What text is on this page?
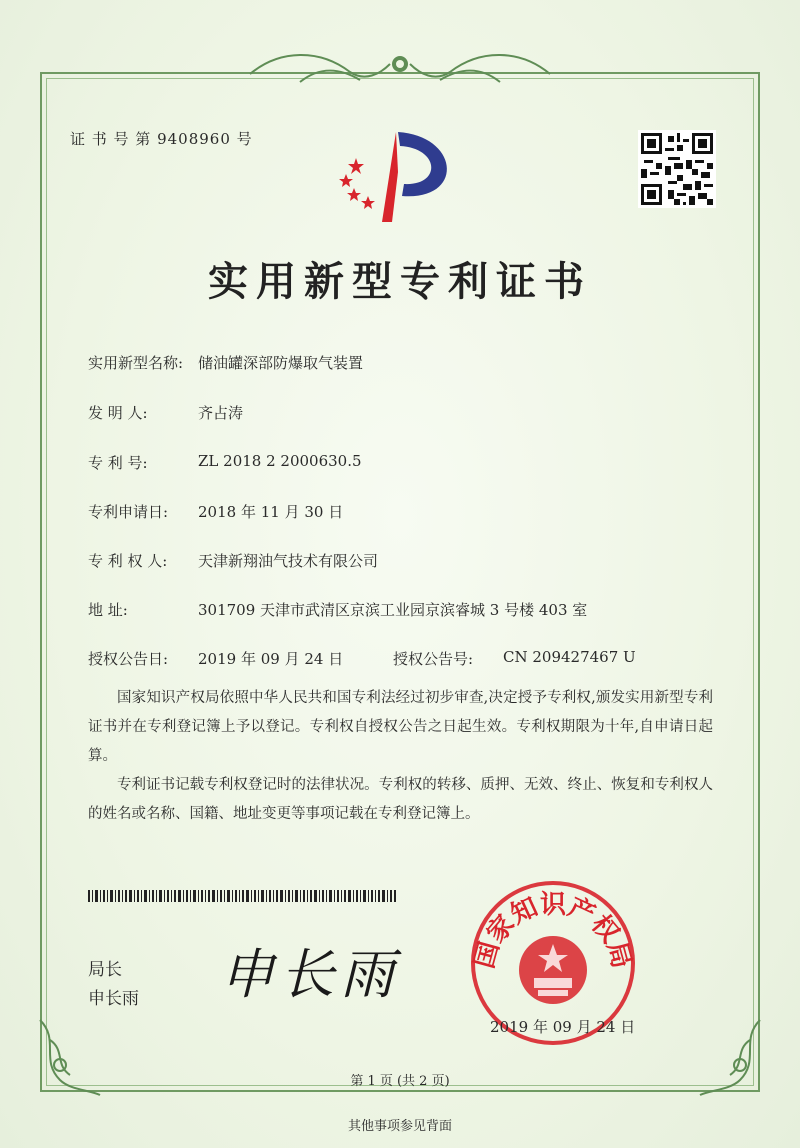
证 书 号 第 9408960 号
实用新型专利证书
实用新型名称: 储油罐深部防爆取气装置
发 明 人:	齐占涛
专 利 号:	ZL 2018 2 2000630.5
专利申请日: 2018 年 11 月 30 日
专 利 权 人: 天津新翔油气技术有限公司
地 址:	301709 天津市武清区京滨工业园京滨睿城 3 号楼 403 室
授权公告日: 2019 年 09 月 24 日	授权公告号: CN 209427467 U
国家知识产权局依照中华人民共和国专利法经过初步审查,决定授予专利权,颁发实用新型专利证书并在专利登记簿上予以登记。专利权自授权公告之日起生效。专利权期限为十年,自申请日起算。
专利证书记载专利权登记时的法律状况。专利权的转移、质押、无效、终止、恢复和专利权人的姓名或名称、国籍、地址变更等事项记载在专利登记簿上。
局长
申长雨 申长雨	国家知识产权局
2019 年 09 月 24 日
第 1 页 (共 2 页)
其他事项参见背面
